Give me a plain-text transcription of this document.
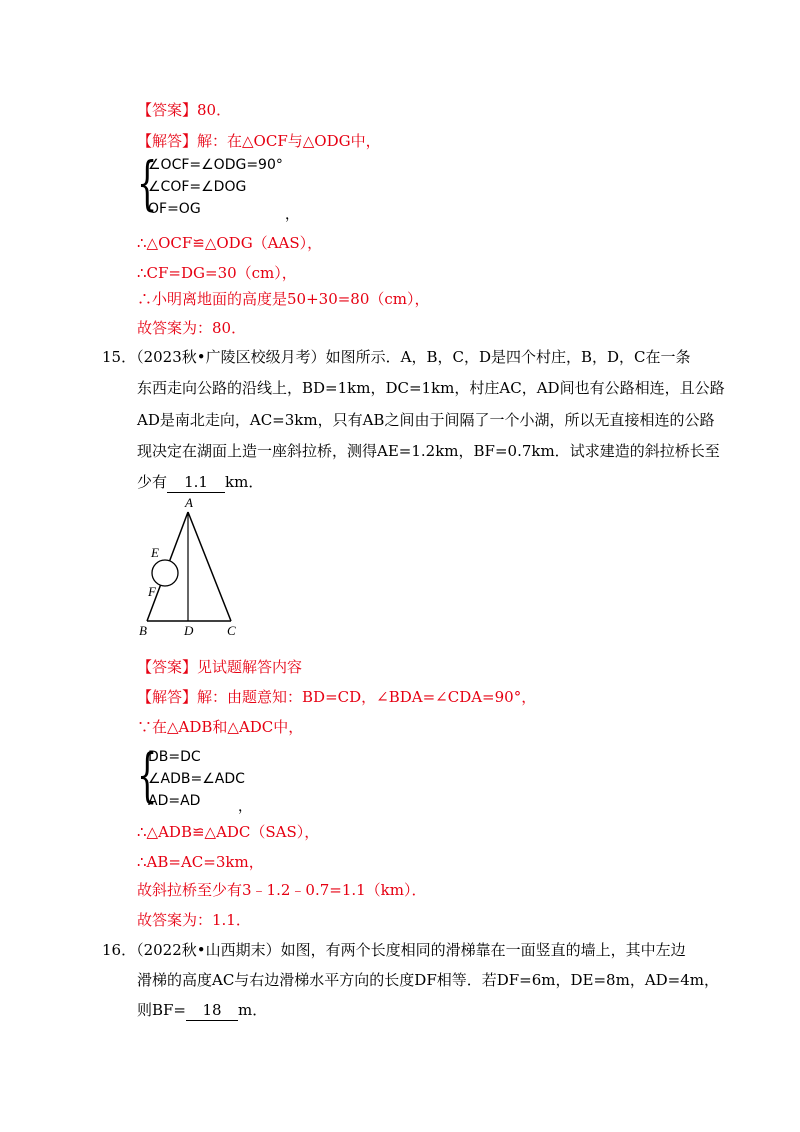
【答案】80．
【解答】解：在△OCF与△ODG中，
{
∠OCF=∠ODG=90°
∠COF=∠DOG
OF=OG	，
∴△OCF≌△ODG（AAS），
∴CF=DG=30（cm），
∴小明离地面的高度是50+30=80（cm），
故答案为：80．
15．（2023秋•广陵区校级月考）如图所示．A，B，C，D是四个村庄，B，D，C在一条
东西走向公路的沿线上，BD=1km，DC=1km，村庄AC，AD间也有公路相连，且公路
AD是南北走向，AC=3km，只有AB之间由于间隔了一个小湖，所以无直接相连的公路
现决定在湖面上造一座斜拉桥，测得AE=1.2km，BF=0.7km．试求建造的斜拉桥长至
少有 1.1 km．
A
E
F
B	D	C
【答案】见试题解答内容
【解答】解：由题意知：BD=CD，∠BDA=∠CDA=90°，
∵在△ADB和△ADC中，
{
DB=DC
∠ADB=∠ADC
AD=AD	，
∴△ADB≌△ADC（SAS），
∴AB=AC=3km，
故斜拉桥至少有3﹣1.2﹣0.7=1.1（km）．
故答案为：1.1．
16．（2022秋•山西期末）如图，有两个长度相同的滑梯靠在一面竖直的墙上，其中左边
滑梯的高度AC与右边滑梯水平方向的长度DF相等．若DF=6m，DE=8m，AD=4m，
则BF= 18 m．
